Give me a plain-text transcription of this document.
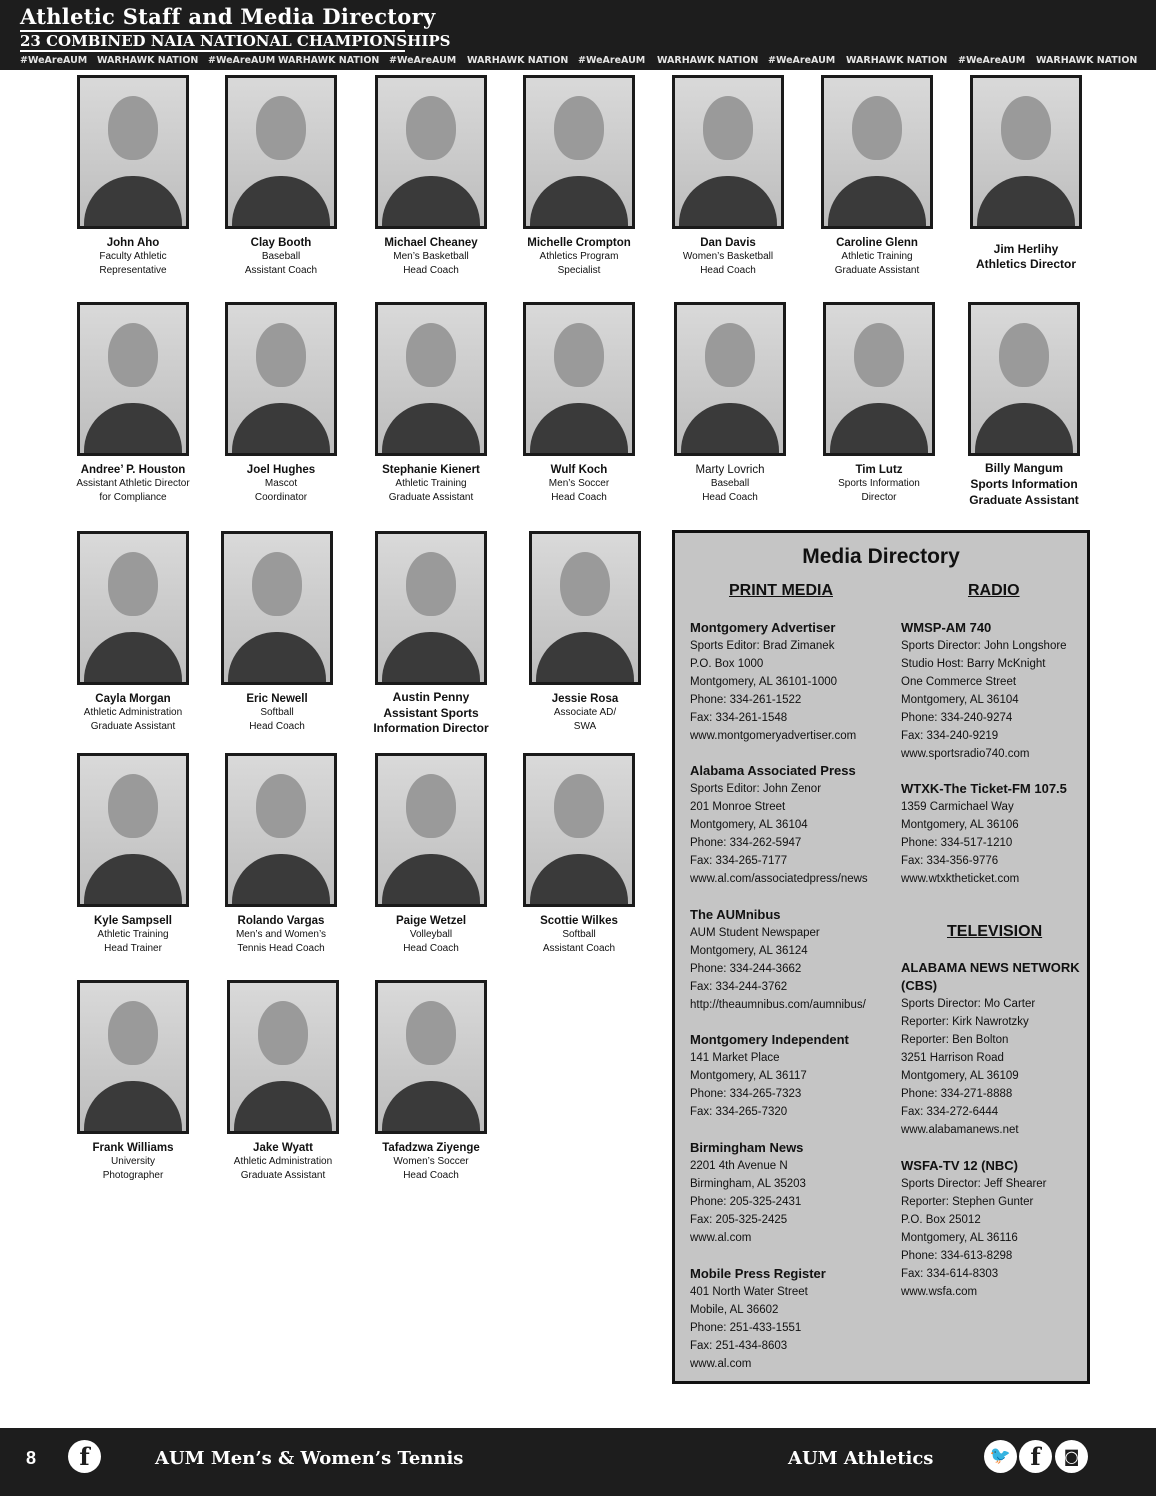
Athletic Staff and Media Directory
23 COMBINED NAIA NATIONAL CHAMPIONSHIPS
#WeAreAUM WARHAWK NATION #WeAreAUM WARHAWK NATION #WeAreAUM WARHAWK NATION #WeAreAUM WARHAWK NATION #WeAreAUM WARHAWK NATION #WeAreAUM WARHAWK NATION
John Aho
Faculty Athletic
Representative
Clay Booth
Baseball
Assistant Coach
Michael Cheaney
Men’s Basketball
Head Coach
Michelle Crompton
Athletics Program
Specialist
Dan Davis
Women’s Basketball
Head Coach
Caroline Glenn
Athletic Training
Graduate Assistant
Jim Herlihy
Athletics Director
Andree’ P. Houston
Assistant Athletic Director
for Compliance
Joel Hughes
Mascot
Coordinator
Stephanie Kienert
Athletic Training
Graduate Assistant
Wulf Koch
Men’s Soccer
Head Coach
Marty Lovrich
Baseball
Head Coach
Tim Lutz
Sports Information
Director
Billy Mangum
Sports Information
Graduate Assistant
Cayla Morgan
Athletic Administration
Graduate Assistant
Eric Newell
Softball
Head Coach
Austin Penny
Assistant Sports
Information Director
Jessie Rosa
Associate AD/
SWA
Kyle Sampsell
Athletic Training
Head Trainer
Rolando Vargas
Men’s and Women’s
Tennis Head Coach
Paige Wetzel
Volleyball
Head Coach
Scottie Wilkes
Softball
Assistant Coach
Frank Williams
University
Photographer
Jake Wyatt
Athletic Administration
Graduate Assistant
Tafadzwa Ziyenge
Women’s Soccer
Head Coach
Media Directory
PRINT MEDIA	RADIO
Montgomery Advertiser
Sports Editor: Brad Zimanek
P.O. Box 1000
Montgomery, AL 36101-1000
Phone: 334-261-1522
Fax: 334-261-1548
www.montgomeryadvertiser.com
Alabama Associated Press
Sports Editor: John Zenor
201 Monroe Street
Montgomery, AL 36104
Phone: 334-262-5947
Fax: 334-265-7177
www.al.com/associatedpress/news
The AUMnibus
AUM Student Newspaper
Montgomery, AL 36124
Phone: 334-244-3662
Fax: 334-244-3762
http://theaumnibus.com/aumnibus/
Montgomery Independent
141 Market Place
Montgomery, AL 36117
Phone: 334-265-7323
Fax: 334-265-7320
Birmingham News
2201 4th Avenue N
Birmingham, AL 35203
Phone: 205-325-2431
Fax: 205-325-2425
www.al.com
Mobile Press Register
401 North Water Street
Mobile, AL 36602
Phone: 251-433-1551
Fax: 251-434-8603
www.al.com
WMSP-AM 740
Sports Director: John Longshore
Studio Host: Barry McKnight
One Commerce Street
Montgomery, AL 36104
Phone: 334-240-9274
Fax: 334-240-9219
www.sportsradio740.com
WTXK-The Ticket-FM 107.5
1359 Carmichael Way
Montgomery, AL 36106
Phone: 334-517-1210
Fax: 334-356-9776
www.wtxktheticket.com
TELEVISION
ALABAMA NEWS NETWORK (CBS)
Sports Director: Mo Carter
Reporter: Kirk Nawrotzky
Reporter: Ben Bolton
3251 Harrison Road
Montgomery, AL 36109
Phone: 334-271-8888
Fax: 334-272-6444
www.alabamanews.net
WSFA-TV 12 (NBC)
Sports Director: Jeff Shearer
Reporter: Stephen Gunter
P.O. Box 25012
Montgomery, AL 36116
Phone: 334-613-8298
Fax: 334-614-8303
www.wsfa.com
8	f	AUM Men’s & Women’s Tennis	AUM Athletics	🐦 f	◙
